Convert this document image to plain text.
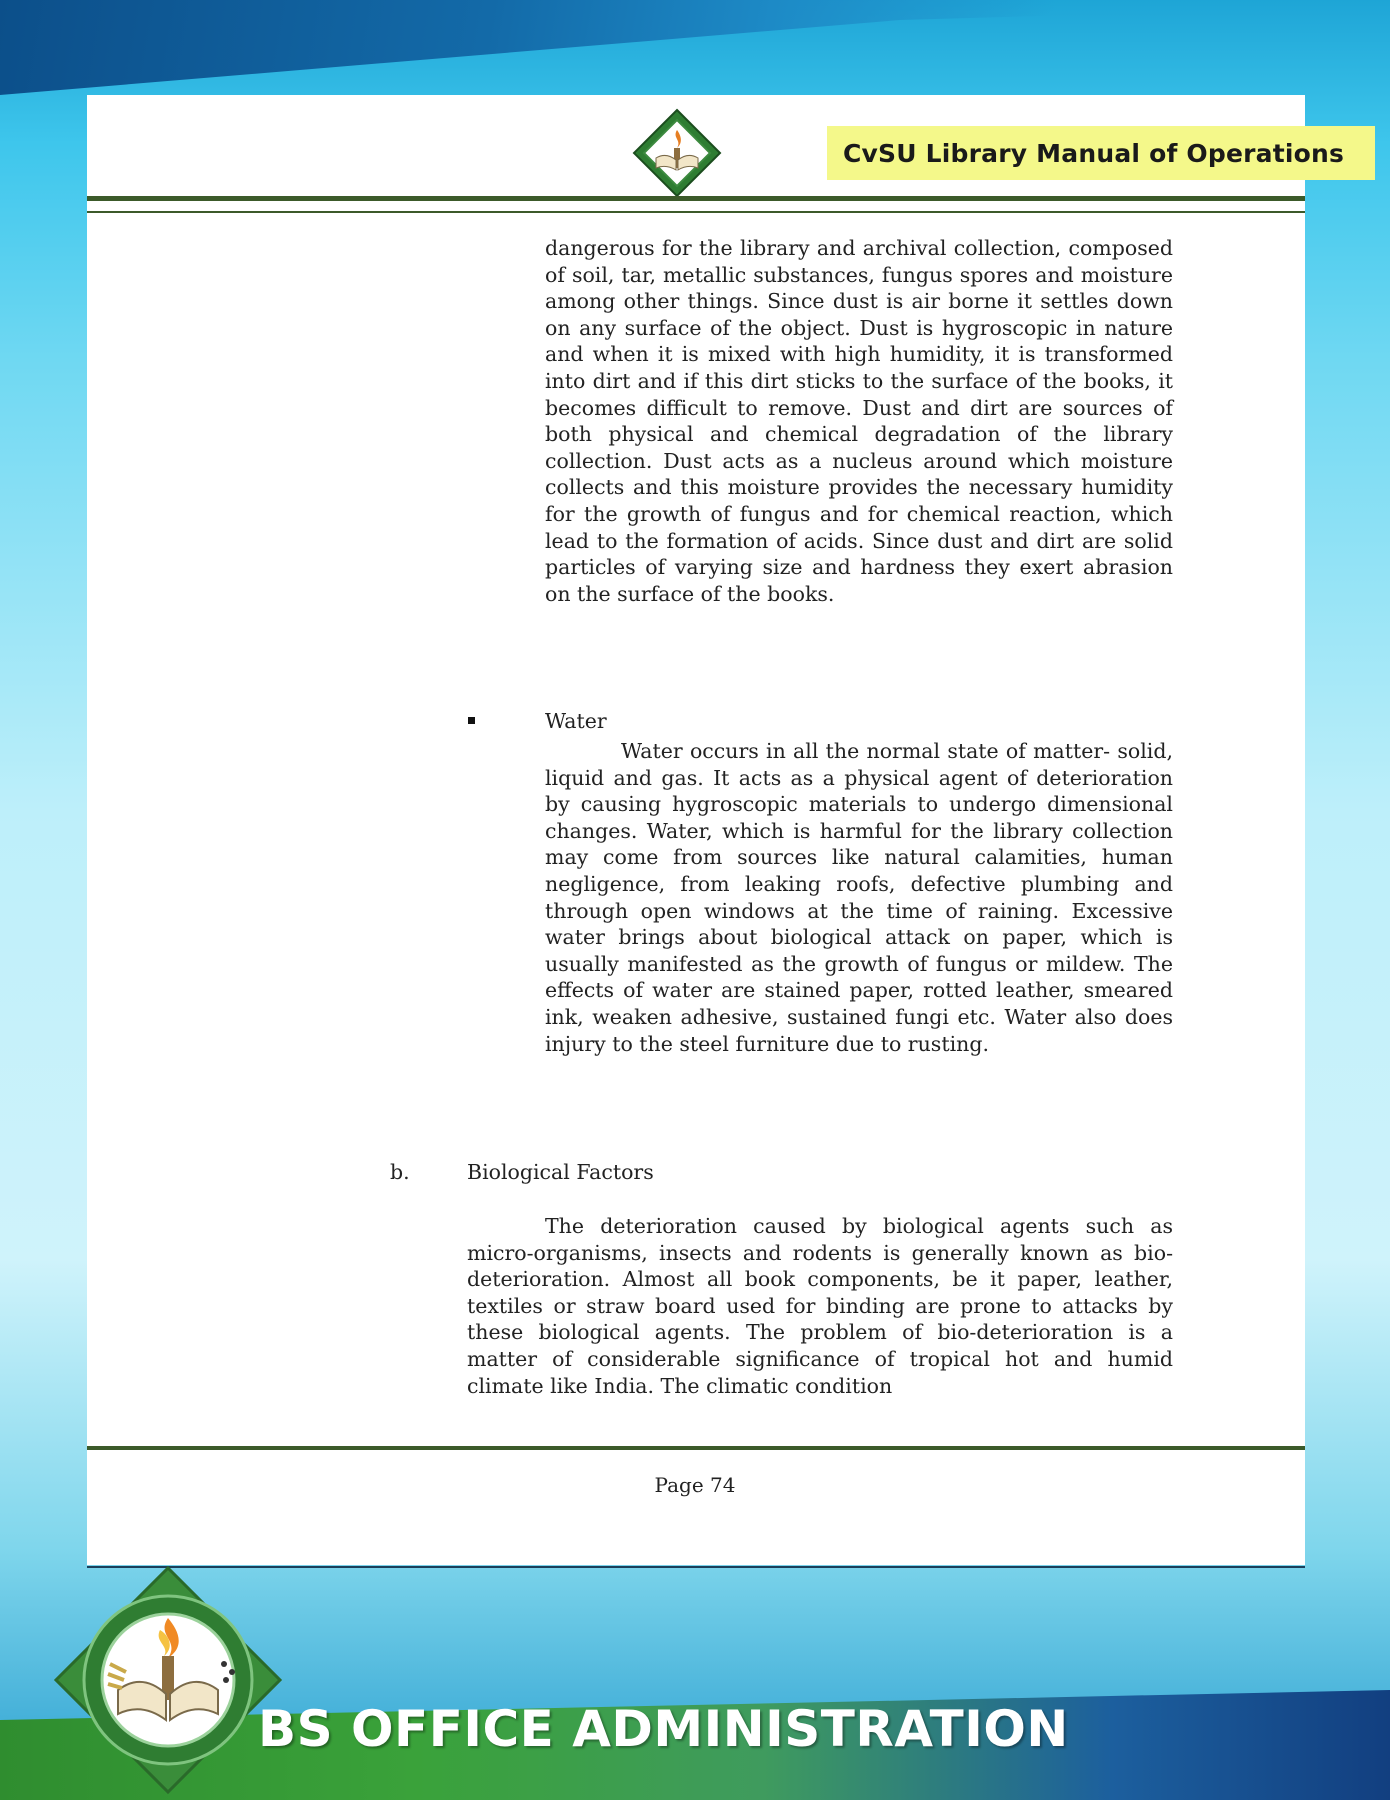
CvSU Library Manual of Operations

dangerous for the library and archival collection, composed of soil, tar, metallic substances, fungus spores and moisture among other things. Since dust is air borne it settles down on any surface of the object. Dust is hygroscopic in nature and when it is mixed with high humidity, it is transformed into dirt and if this dirt sticks to the surface of the books, it becomes difficult to remove. Dust and dirt are sources of both physical and chemical degradation of the library collection. Dust acts as a nucleus around which moisture collects and this moisture provides the necessary humidity for the growth of fungus and for chemical reaction, which lead to the formation of acids. Since dust and dirt are solid particles of varying size and hardness they exert abrasion on the surface of the books.

Water

Water occurs in all the normal state of matter- solid, liquid and gas. It acts as a physical agent of deterioration by causing hygroscopic materials to undergo dimensional changes. Water, which is harmful for the library collection may come from sources like natural calamities, human negligence, from leaking roofs, defective plumbing and through open windows at the time of raining. Excessive water brings about biological attack on paper, which is usually manifested as the growth of fungus or mildew. The effects of water are stained paper, rotted leather, smeared ink, weaken adhesive, sustained fungi etc. Water also does injury to the steel furniture due to rusting.

b.	Biological Factors

The deterioration caused by biological agents such as micro-organisms, insects and rodents is generally known as bio-deterioration. Almost all book components, be it paper, leather, textiles or straw board used for binding are prone to attacks by these biological agents. The problem of bio-deterioration is a matter of considerable significance of tropical hot and humid climate like India. The climatic condition

Page 74
BS OFFICE ADMINISTRATION
